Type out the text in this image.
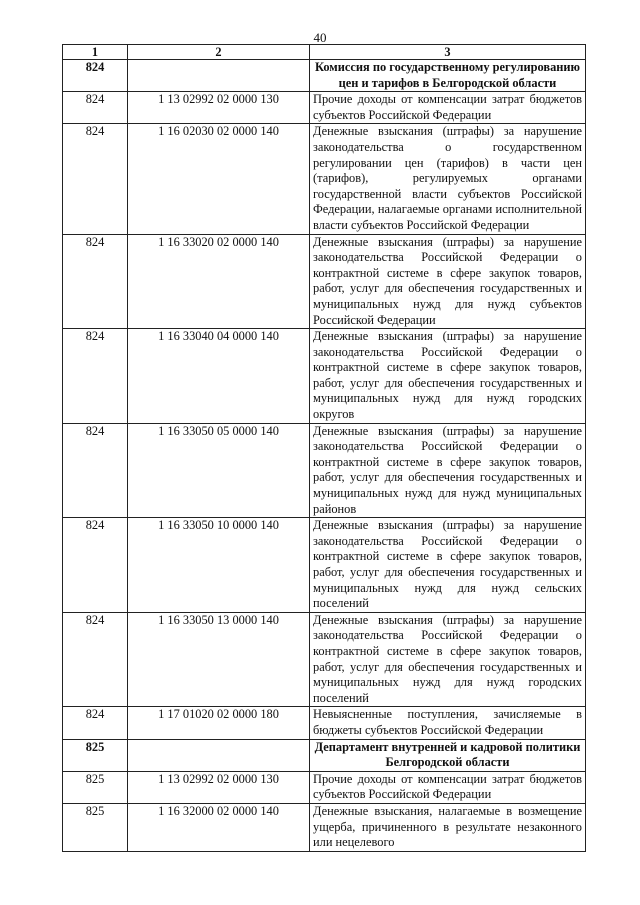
40
1	2	3
824		Комиссия по государственному регулированию цен и тарифов в Белгородской области
824	1 13 02992 02 0000 130	Прочие доходы от компенсации затрат бюджетов субъектов Российской Федерации
824	1 16 02030 02 0000 140	Денежные взыскания (штрафы) за нарушение законодательства о государственном регулировании цен (тарифов) в части цен (тарифов), регулируемых органами государственной власти субъектов Российской Федерации, налагаемые органами исполнительной власти субъектов Российской Федерации
824	1 16 33020 02 0000 140	Денежные взыскания (штрафы) за нарушение законодательства Российской Федерации о контрактной системе в сфере закупок товаров, работ, услуг для обеспечения государственных и муниципальных нужд для нужд субъектов Российской Федерации
824	1 16 33040 04 0000 140	Денежные взыскания (штрафы) за нарушение законодательства Российской Федерации о контрактной системе в сфере закупок товаров, работ, услуг для обеспечения государственных и муниципальных нужд для нужд городских округов
824	1 16 33050 05 0000 140	Денежные взыскания (штрафы) за нарушение законодательства Российской Федерации о контрактной системе в сфере закупок товаров, работ, услуг для обеспечения государственных и муниципальных нужд для нужд муниципальных районов
824	1 16 33050 10 0000 140	Денежные взыскания (штрафы) за нарушение законодательства Российской Федерации о контрактной системе в сфере закупок товаров, работ, услуг для обеспечения государственных и муниципальных нужд для нужд сельских поселений
824	1 16 33050 13 0000 140	Денежные взыскания (штрафы) за нарушение законодательства Российской Федерации о контрактной системе в сфере закупок товаров, работ, услуг для обеспечения государственных и муниципальных нужд для нужд городских поселений
824	1 17 01020 02 0000 180	Невыясненные поступления, зачисляемые в бюджеты субъектов Российской Федерации
825		Департамент внутренней и кадровой политики Белгородской области
825	1 13 02992 02 0000 130	Прочие доходы от компенсации затрат бюджетов субъектов Российской Федерации
825	1 16 32000 02 0000 140	Денежные взыскания, налагаемые в возмещение ущерба, причиненного в результате незаконного или нецелевого
